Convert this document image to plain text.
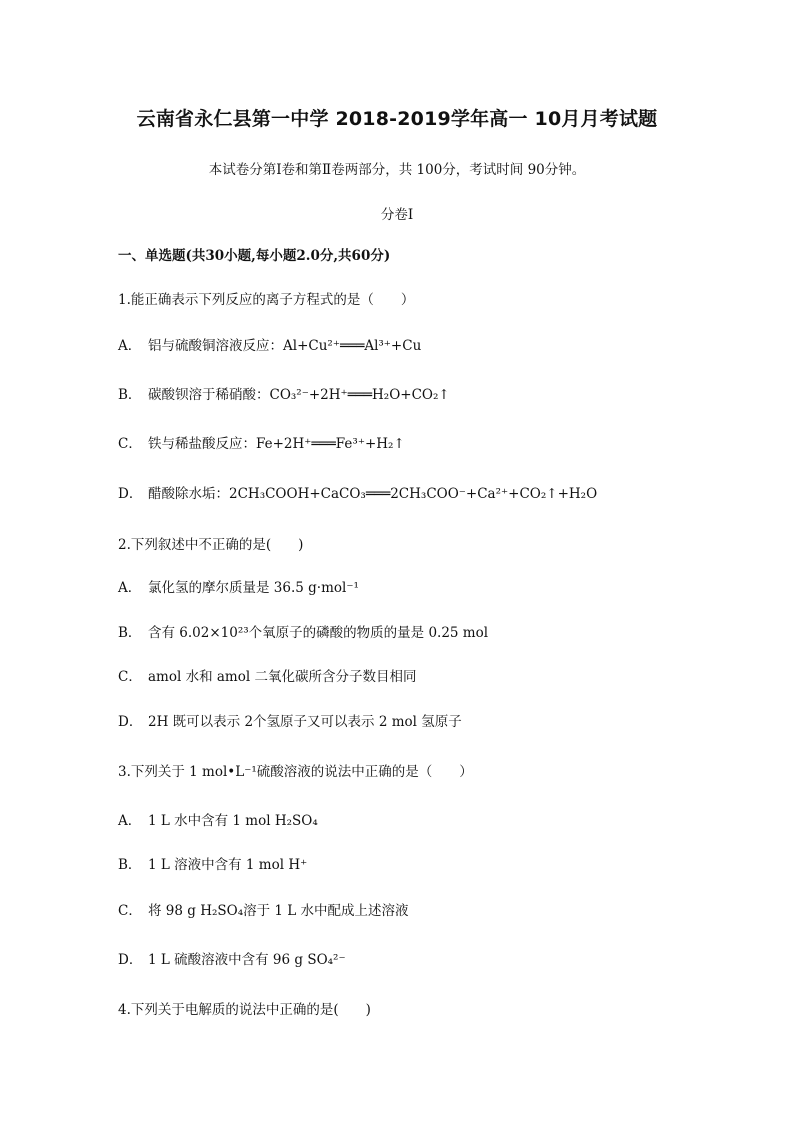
云南省永仁县第一中学 2018-2019学年高一 10月月考试题
本试卷分第Ⅰ卷和第Ⅱ卷两部分，共 100分，考试时间 90分钟。
分卷I
一、单选题(共30小题,每小题2.0分,共60分)
1.能正确表示下列反应的离子方程式的是（　　）
A． 铝与硫酸铜溶液反应：Al+Cu²⁺═══Al³⁺+Cu
B． 碳酸钡溶于稀硝酸：CO₃²⁻+2H⁺═══H₂O+CO₂↑
C． 铁与稀盐酸反应：Fe+2H⁺═══Fe³⁺+H₂↑
D． 醋酸除水垢：2CH₃COOH+CaCO₃═══2CH₃COO⁻+Ca²⁺+CO₂↑+H₂O
2.下列叙述中不正确的是(　　)
A． 氯化氢的摩尔质量是 36.5 g·mol⁻¹
B． 含有 6.02×10²³个氧原子的磷酸的物质的量是 0.25 mol
C． amol 水和 amol 二氧化碳所含分子数目相同
D． 2H 既可以表示 2个氢原子又可以表示 2 mol 氢原子
3.下列关于 1 mol•L⁻¹硫酸溶液的说法中正确的是（　　）
A． 1 L 水中含有 1 mol H₂SO₄
B． 1 L 溶液中含有 1 mol H⁺
C． 将 98 g H₂SO₄溶于 1 L 水中配成上述溶液
D． 1 L 硫酸溶液中含有 96 g SO₄²⁻
4.下列关于电解质的说法中正确的是(　　)
